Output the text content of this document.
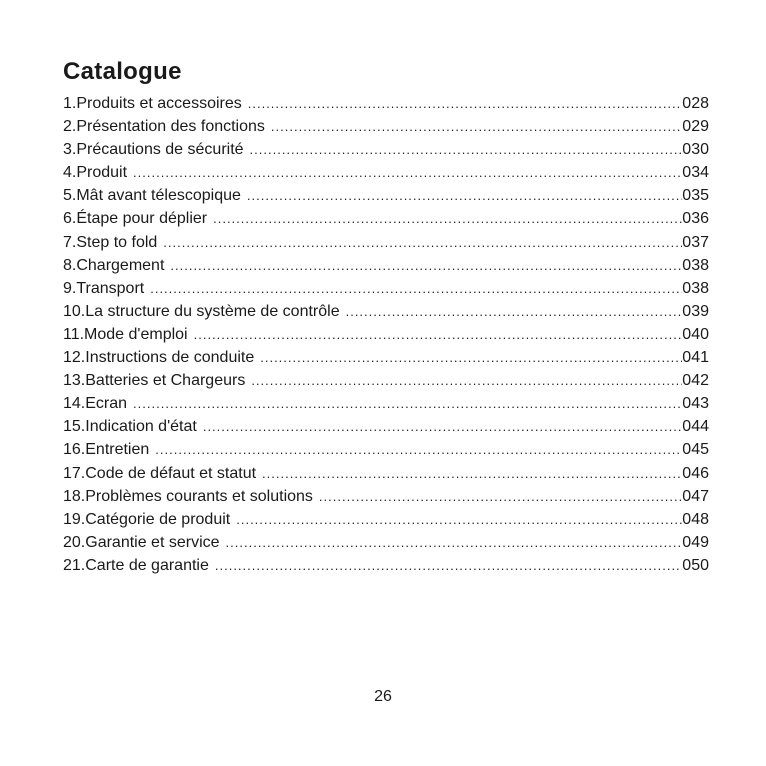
Catalogue
1.Produits et accessoires .....	028
2.Présentation des fonctions .....	029
3.Précautions de sécurité .....	030
4.Produit .....	034
5.Mât avant télescopique .....	035
6.Étape pour déplier .....	036
7.Step to fold .....	037
8.Chargement .....	038
9.Transport .....	038
10.La structure du système de contrôle .....	039
11.Mode d'emploi .....	040
12.Instructions de conduite .....	041
13.Batteries et Chargeurs .....	042
14.Ecran .....	043
15.Indication d'état .....	044
16.Entretien .....	045
17.Code de défaut et statut .....	046
18.Problèmes courants et solutions .....	047
19.Catégorie de produit .....	048
20.Garantie et service .....	049
21.Carte de garantie .....	050
26
